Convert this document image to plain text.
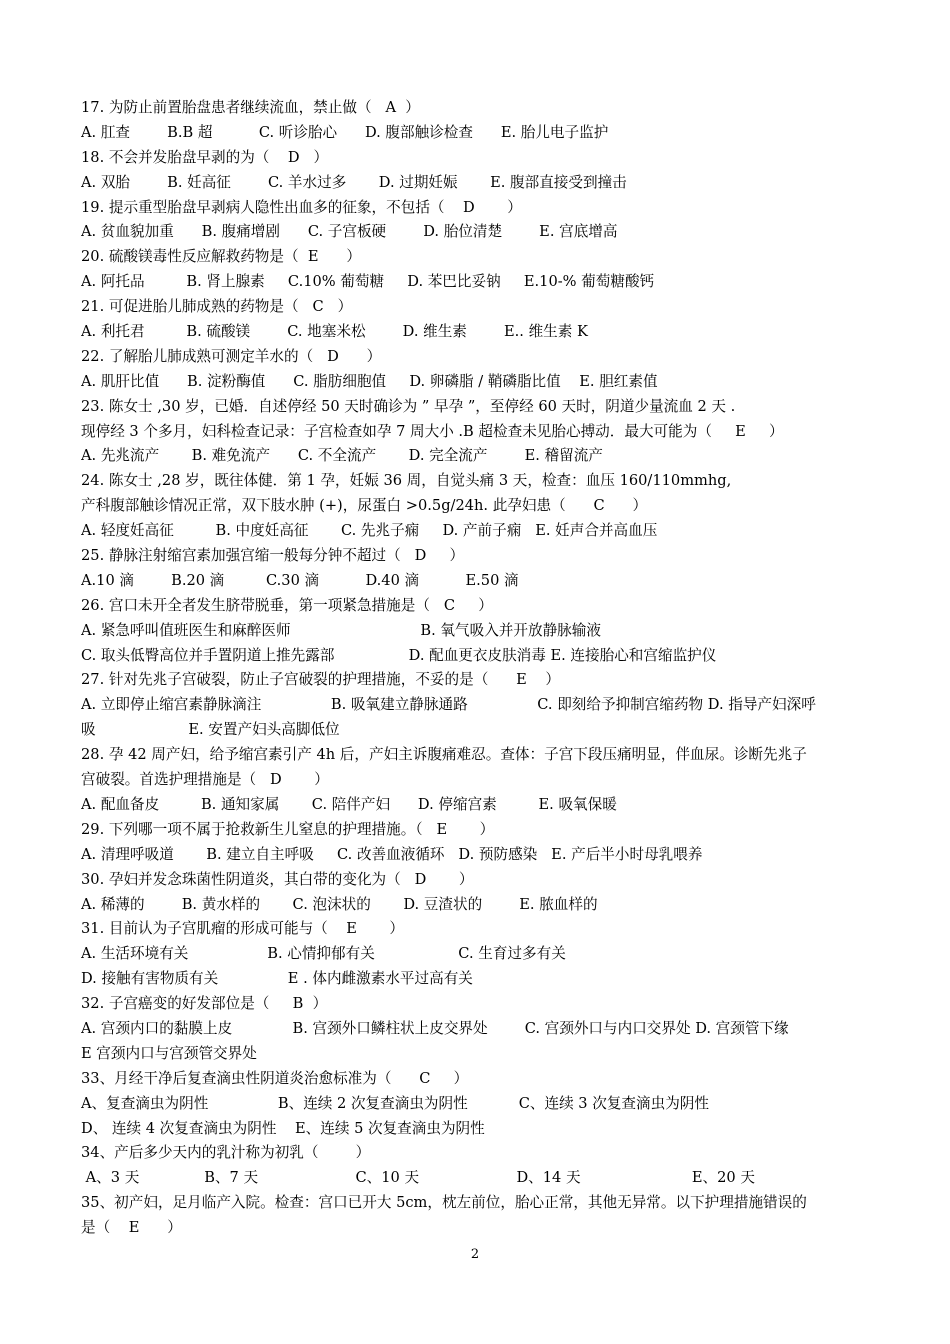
17. 为防止前置胎盘患者继续流血，禁止做（   A  ）
A. 肛查        B.B 超          C. 听诊胎心      D. 腹部触诊检查      E. 胎儿电子监护
18. 不会并发胎盘早剥的为（    D   ）
A. 双胎        B. 妊高征        C. 羊水过多       D. 过期妊娠       E. 腹部直接受到撞击
19. 提示重型胎盘早剥病人隐性出血多的征象，不包括（    D       ）
A. 贫血貌加重      B. 腹痛增剧      C. 子宫板硬        D. 胎位清楚        E. 宫底增高
20. 硫酸镁毒性反应解救药物是（  E      ）
A. 阿托品         B. 肾上腺素     C.10% 葡萄糖     D. 苯巴比妥钠     E.10-% 葡萄糖酸钙
21. 可促进胎儿肺成熟的药物是（   C   ）
A. 利托君         B. 硫酸镁        C. 地塞米松        D. 维生素        E.. 维生素 K
22. 了解胎儿肺成熟可测定羊水的（   D      ）
A. 肌肝比值      B. 淀粉酶值      C. 脂肪细胞值     D. 卵磷脂 / 鞘磷脂比值    E. 胆红素值
23. 陈女士 ,30 岁，已婚．自述停经 50 天时确诊为 ” 早孕 ”，至停经 60 天时，阴道少量流血 2 天 .
现停经 3 个多月，妇科检查记录：子宫检查如孕 7 周大小 .B 超检查未见胎心搏动．最大可能为（     E     ）
A. 先兆流产       B. 难免流产      C. 不全流产       D. 完全流产        E. 稽留流产
24. 陈女士 ,28 岁，既往体健．第 1 孕，妊娠 36 周，自觉头痛 3 天，检查：血压 160/110mmhg,
产科腹部触诊情况正常，双下肢水肿 (+)，尿蛋白 >0.5g/24h. 此孕妇患（      C      ）
A. 轻度妊高征         B. 中度妊高征       C. 先兆子痫     D. 产前子痫   E. 妊声合并高血压
25. 静脉注射缩宫素加强宫缩一般每分钟不超过（   D     ）
A.10 滴        B.20 滴         C.30 滴          D.40 滴          E.50 滴
26. 宫口未开全者发生脐带脱垂，第一项紧急措施是（   C     ）
A. 紧急呼叫值班医生和麻醉医师                            B. 氧气吸入并开放静脉输液
C. 取头低臀高位并手置阴道上推先露部                D. 配血更衣皮肤消毒 E. 连接胎心和宫缩监护仪
27. 针对先兆子宫破裂，防止子宫破裂的护理措施，不妥的是（      E    ）
A. 立即停止缩宫素静脉滴注               B. 吸氧建立静脉通路               C. 即刻给予抑制宫缩药物 D. 指导产妇深呼
吸                    E. 安置产妇头高脚低位
28. 孕 42 周产妇，给予缩宫素引产 4h 后，产妇主诉腹痛难忍。查体：子宫下段压痛明显，伴血尿。诊断先兆子
宫破裂。首选护理措施是（   D       ）
A. 配血备皮         B. 通知家属       C. 陪伴产妇      D. 停缩宫素         E. 吸氧保暖
29. 下列哪一项不属于抢救新生儿窒息的护理措施。（   E       ）
A. 清理呼吸道       B. 建立自主呼吸     C. 改善血液循环   D. 预防感染   E. 产后半小时母乳喂养
30. 孕妇并发念珠菌性阴道炎，其白带的变化为（   D       ）
A. 稀薄的        B. 黄水样的       C. 泡沫状的       D. 豆渣状的        E. 脓血样的
31. 目前认为子宫肌瘤的形成可能与（    E       ）
A. 生活环境有关                 B. 心情抑郁有关                  C. 生育过多有关
D. 接触有害物质有关               E . 体内雌激素水平过高有关
32. 子宫癌变的好发部位是（     B  ）
A. 宫颈内口的黏膜上皮             B. 宫颈外口鳞柱状上皮交界处        C. 宫颈外口与内口交界处 D. 宫颈管下缘
E 宫颈内口与宫颈管交界处
33、月经干净后复查滴虫性阴道炎治愈标准为（      C     ）
A、复查滴虫为阴性               B、连续 2 次复查滴虫为阴性           C、连续 3 次复查滴虫为阴性
D、 连续 4 次复查滴虫为阴性    E、连续 5 次复查滴虫为阴性
34、产后多少天内的乳汁称为初乳（        ）
A、3 天              B、7 天                     C、10 天                     D、14 天                        E、20 天
35、初产妇，足月临产入院。检查：宫口已开大 5cm，枕左前位，胎心正常，其他无异常。以下护理措施错误的
是（    E      ）
2
